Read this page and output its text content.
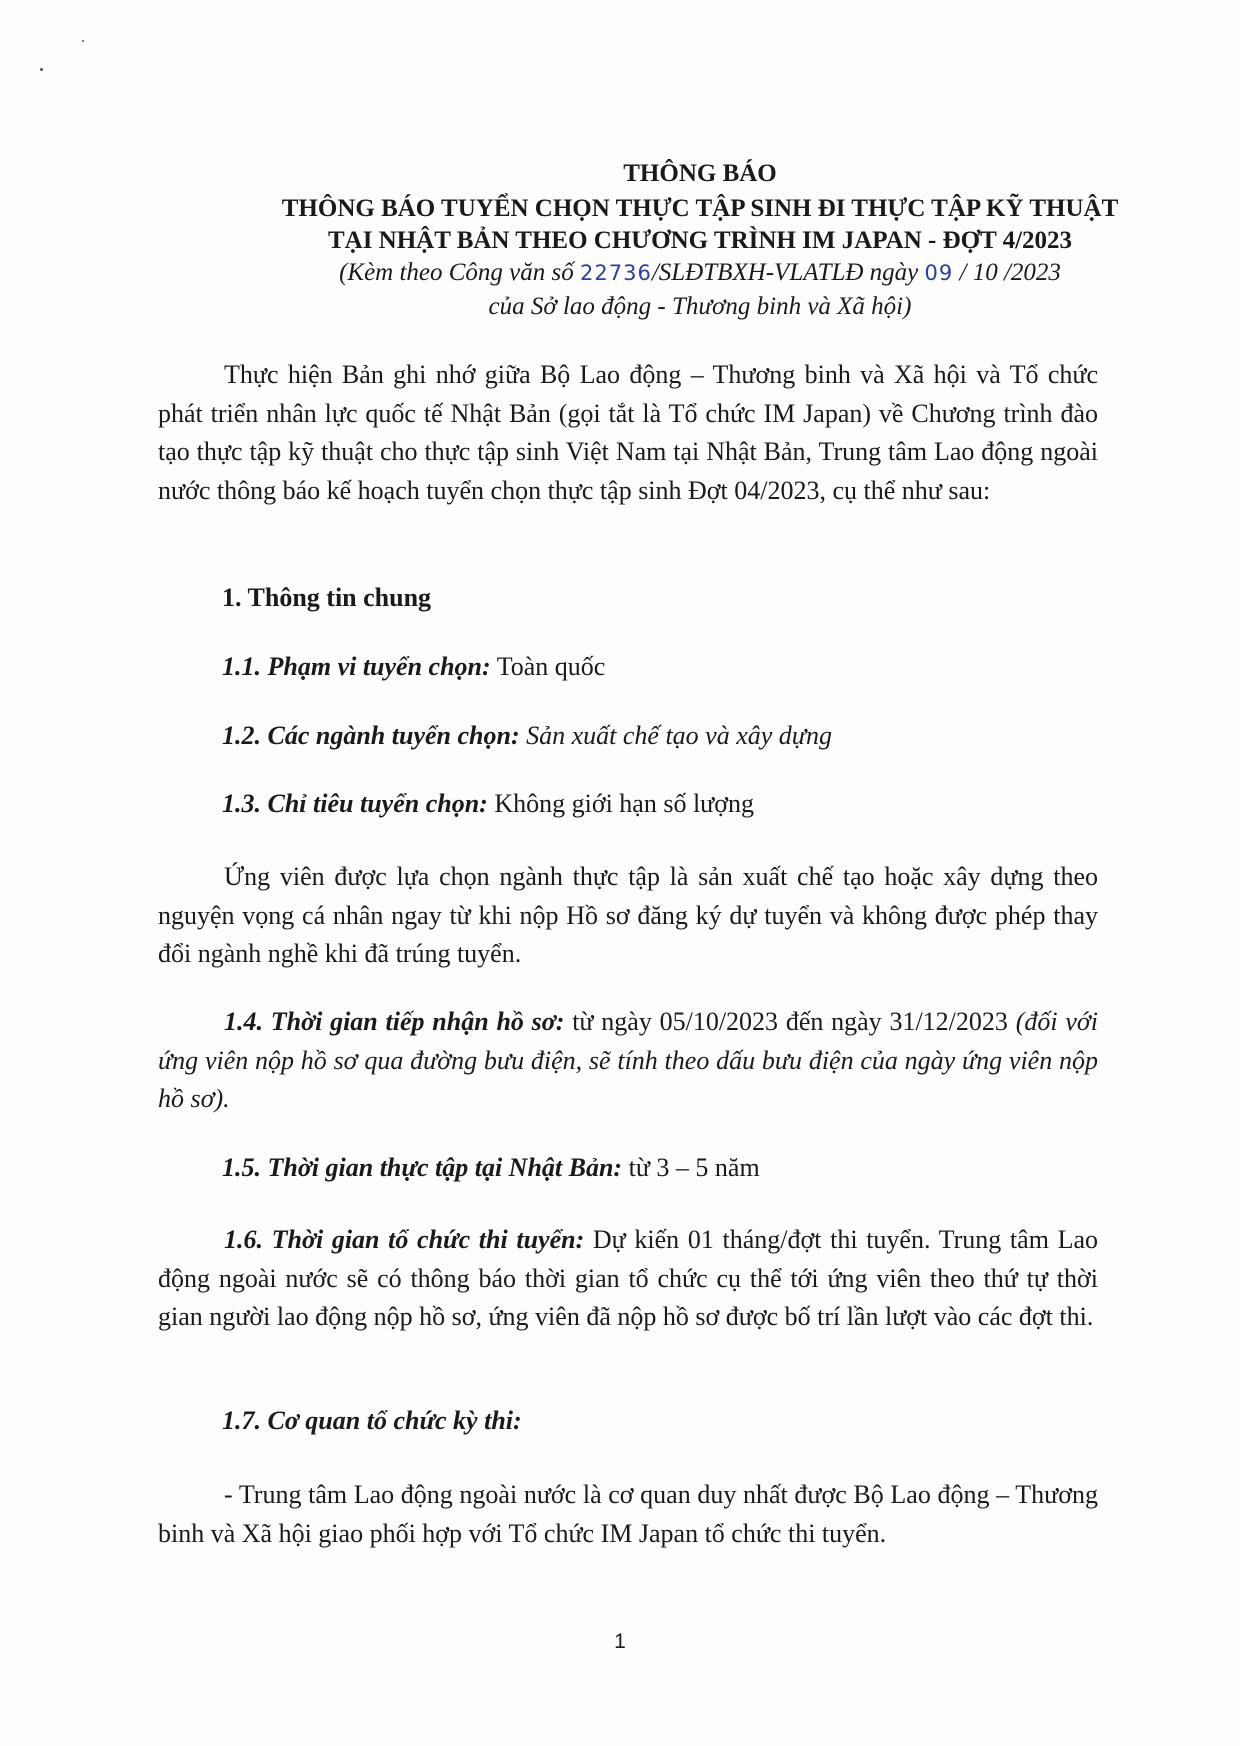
THÔNG BÁO
THÔNG BÁO TUYỂN CHỌN THỰC TẬP SINH ĐI THỰC TẬP KỸ THUẬT
TẠI NHẬT BẢN THEO CHƯƠNG TRÌNH IM JAPAN - ĐỢT 4/2023
(Kèm theo Công văn số 22736/SLĐTBXH-VLATLĐ ngày 09 / 10 /2023
của Sở lao động - Thương binh và Xã hội)
Thực hiện Bản ghi nhớ giữa Bộ Lao động – Thương binh và Xã hội và Tổ chức phát triển nhân lực quốc tế Nhật Bản (gọi tắt là Tổ chức IM Japan) về Chương trình đào tạo thực tập kỹ thuật cho thực tập sinh Việt Nam tại Nhật Bản, Trung tâm Lao động ngoài nước thông báo kế hoạch tuyển chọn thực tập sinh Đợt 04/2023, cụ thể như sau:
1. Thông tin chung
1.1. Phạm vi tuyển chọn: Toàn quốc
1.2. Các ngành tuyển chọn: Sản xuất chế tạo và xây dựng
1.3. Chỉ tiêu tuyển chọn: Không giới hạn số lượng
Ứng viên được lựa chọn ngành thực tập là sản xuất chế tạo hoặc xây dựng theo nguyện vọng cá nhân ngay từ khi nộp Hồ sơ đăng ký dự tuyển và không được phép thay đổi ngành nghề khi đã trúng tuyển.
1.4. Thời gian tiếp nhận hồ sơ: từ ngày 05/10/2023 đến ngày 31/12/2023 (đối với ứng viên nộp hồ sơ qua đường bưu điện, sẽ tính theo dấu bưu điện của ngày ứng viên nộp hồ sơ).
1.5. Thời gian thực tập tại Nhật Bản: từ 3 – 5 năm
1.6. Thời gian tổ chức thi tuyển: Dự kiến 01 tháng/đợt thi tuyển. Trung tâm Lao động ngoài nước sẽ có thông báo thời gian tổ chức cụ thể tới ứng viên theo thứ tự thời gian người lao động nộp hồ sơ, ứng viên đã nộp hồ sơ được bố trí lần lượt vào các đợt thi.
1.7. Cơ quan tổ chức kỳ thi:
- Trung tâm Lao động ngoài nước là cơ quan duy nhất được Bộ Lao động – Thương binh và Xã hội giao phối hợp với Tổ chức IM Japan tổ chức thi tuyển.
1
